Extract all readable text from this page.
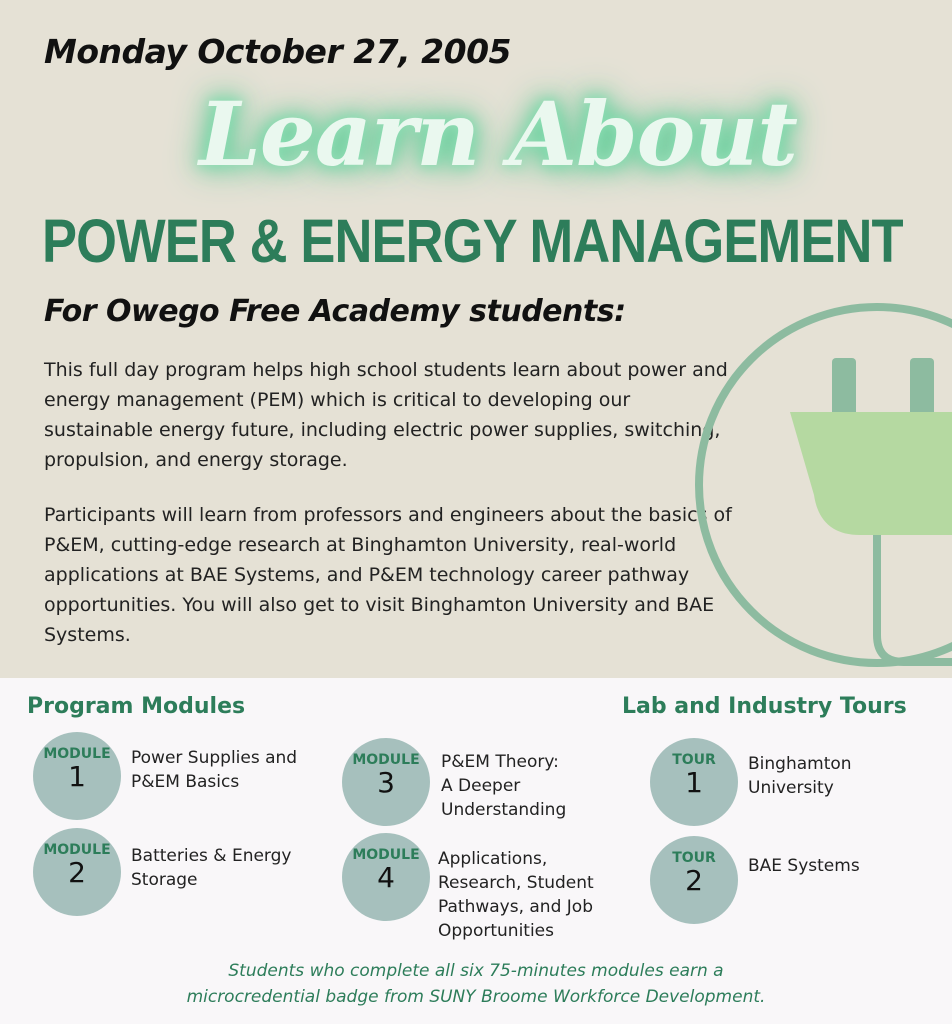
Monday October 27, 2005
Learn About
POWER & ENERGY MANAGEMENT
For Owego Free Academy students:

This full day program helps high school students learn about power and energy management (PEM) which is critical to developing our sustainable energy future, including electric power supplies, switching, propulsion, and energy storage.

Participants will learn from professors and engineers about the basics of P&EM, cutting-edge research at Binghamton University, real-world applications at BAE Systems, and P&EM technology career pathway opportunities. You will also get to visit Binghamton University and BAE Systems.

Program Modules	Lab and Industry Tours
MODULE
1
Power Supplies and
P&EM Basics
MODULE
2	Batteries & Energy
Storage
MODULE
3
P&EM Theory:
A Deeper
Understanding
MODULE
4
Applications,
Research, Student
Pathways, and Job
Opportunities
TOUR
1
Binghamton
University
TOUR
2	BAE Systems
Students who complete all six 75-minutes modules earn a
microcredential badge from SUNY Broome Workforce Development.
